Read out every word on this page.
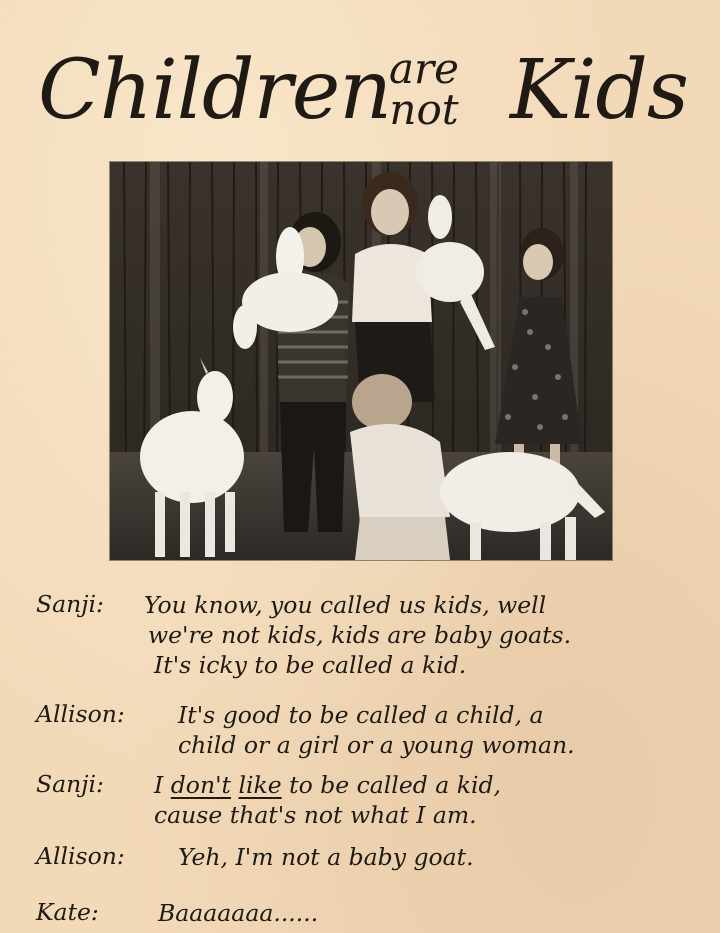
Children
are
not Kids
Sanji: You know, you called us kids, well
we're not kids, kids are baby goats.
It's icky to be called a kid.
Allison: It's good to be called a child, a
child or a girl or a young woman.
Sanji: I don't like to be called a kid,
cause that's not what I am.
Allison: Yeh, I'm not a baby goat.
Kate:	Baaaaaaa......
